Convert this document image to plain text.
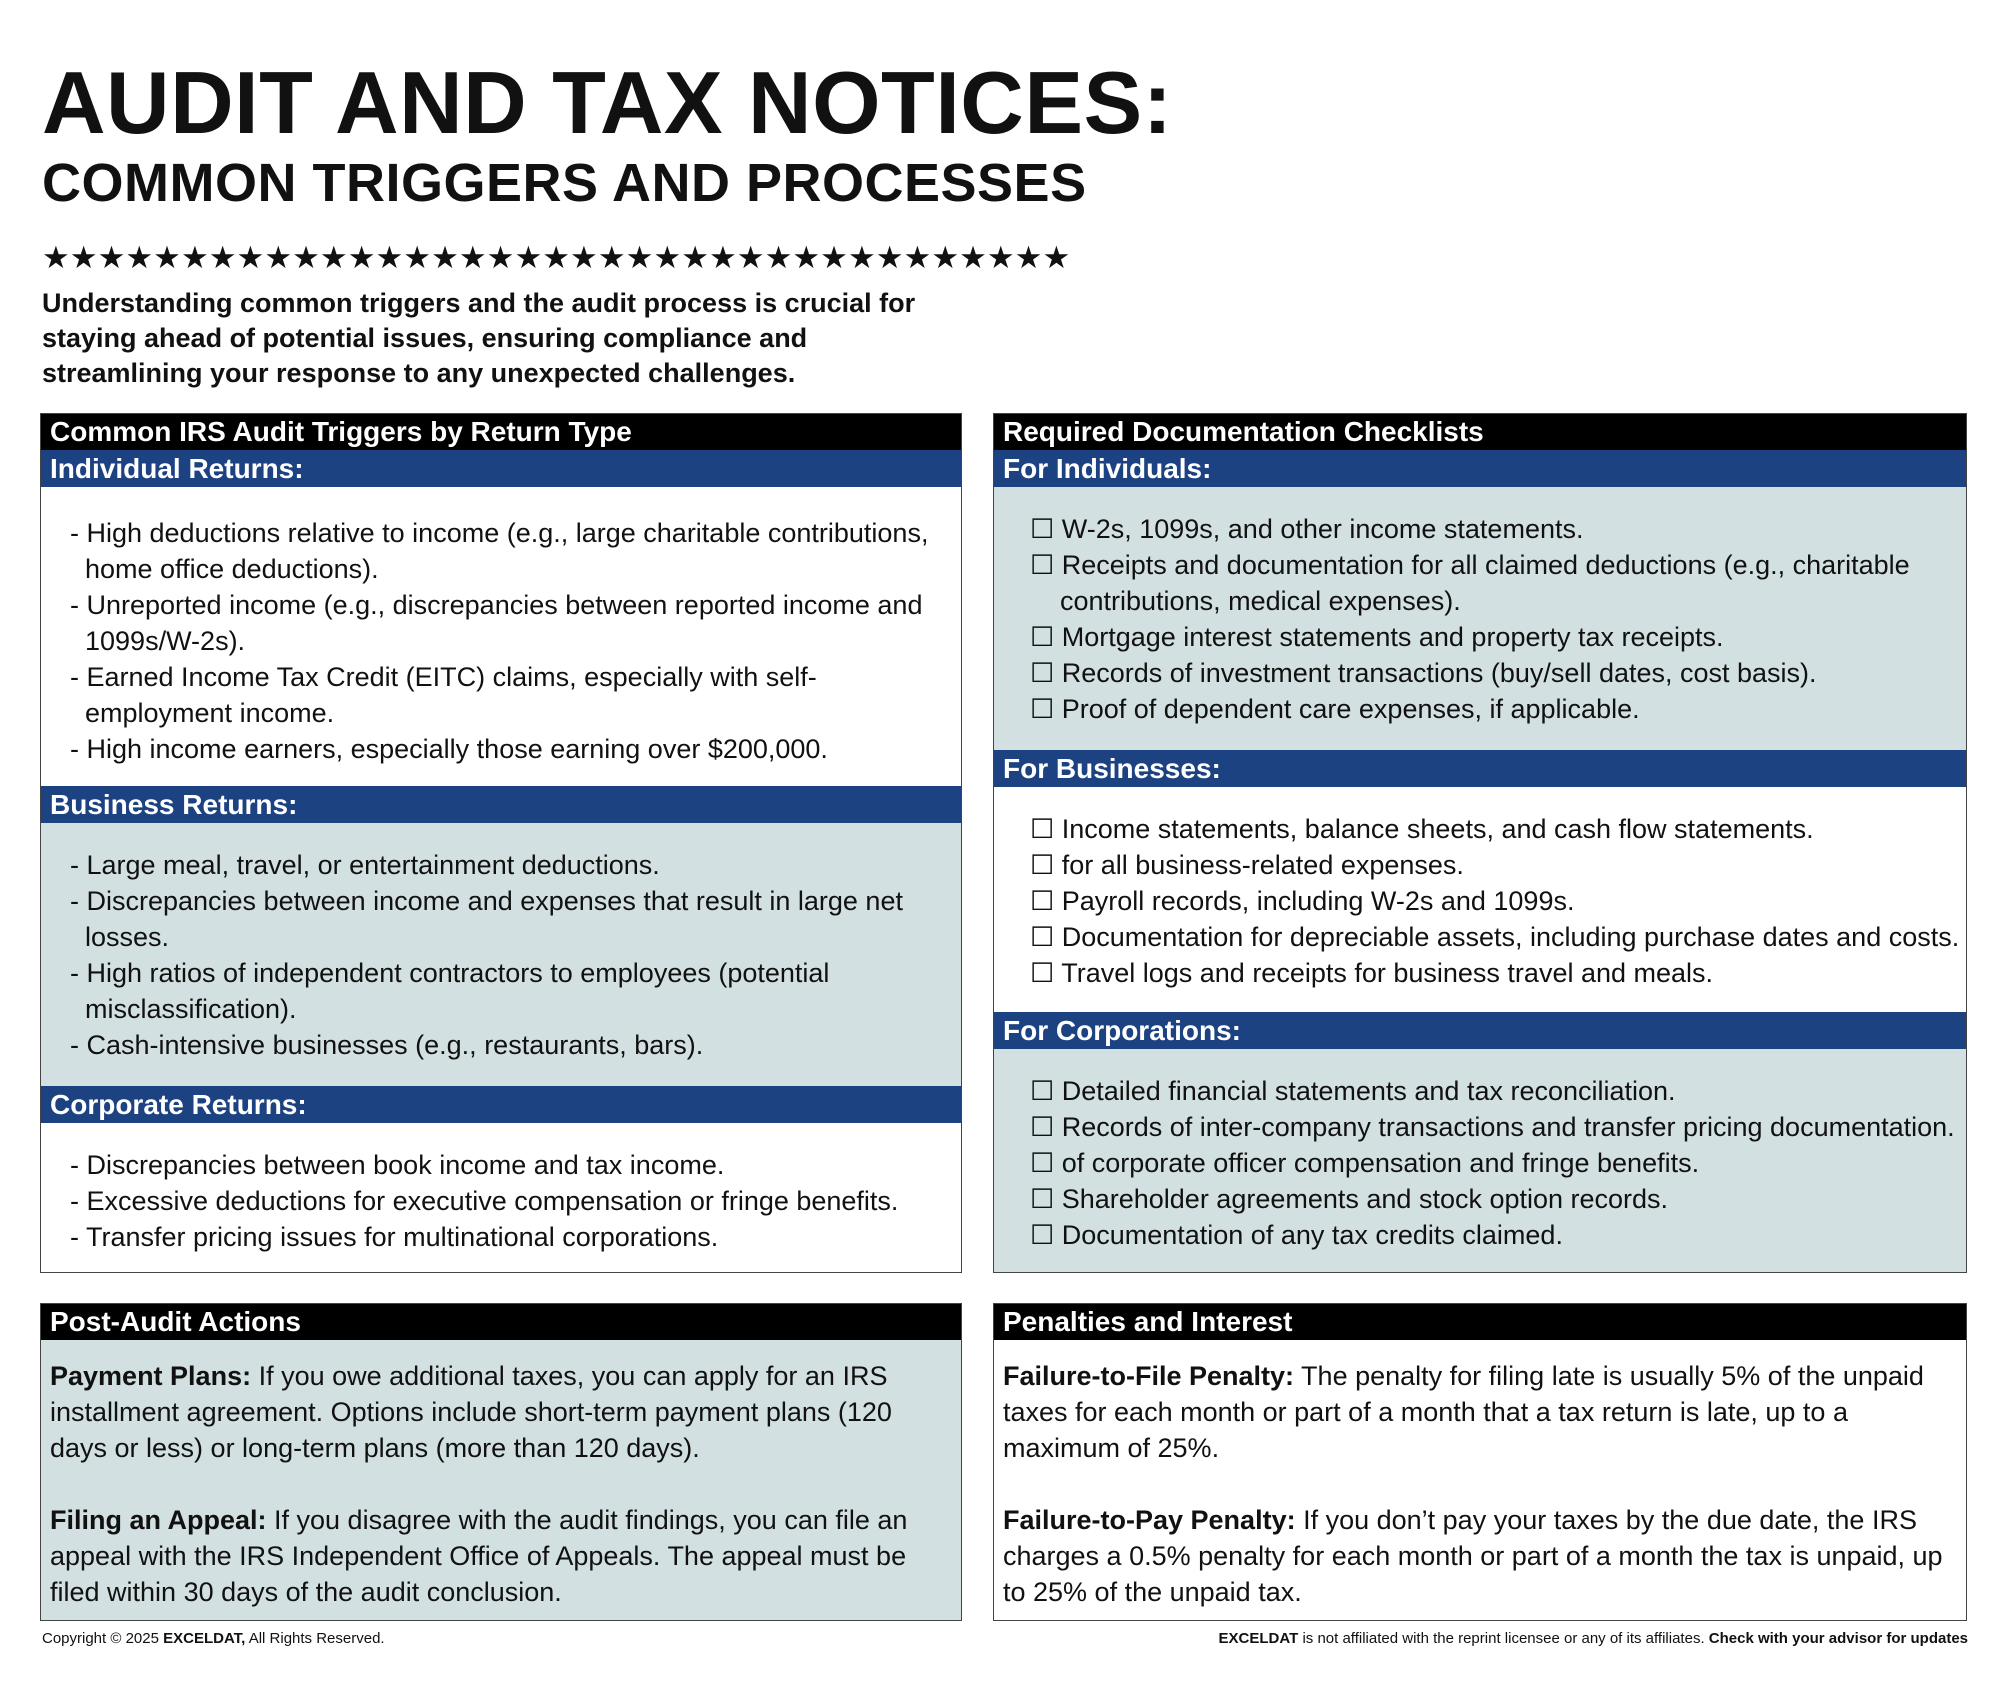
AUDIT AND TAX NOTICES:
COMMON TRIGGERS AND PROCESSES
★★★★★★★★★★★★★★★★★★★★★★★★★★★★★★★★★★★★★
Understanding common triggers and the audit process is crucial for staying ahead of potential issues, ensuring compliance and streamlining your response to any unexpected challenges.
Common IRS Audit Triggers by Return Type
Individual Returns:
- High deductions relative to income (e.g., large charitable contributions, home office deductions).
- Unreported income (e.g., discrepancies between reported income and 1099s/W-2s).
- Earned Income Tax Credit (EITC) claims, especially with self-employment income.
- High income earners, especially those earning over $200,000.
Business Returns:
- Large meal, travel, or entertainment deductions.
- Discrepancies between income and expenses that result in large net losses.
- High ratios of independent contractors to employees (potential misclassification).
- Cash-intensive businesses (e.g., restaurants, bars).
Corporate Returns:
- Discrepancies between book income and tax income.
- Excessive deductions for executive compensation or fringe benefits.
- Transfer pricing issues for multinational corporations.
Required Documentation Checklists
For Individuals:
☐ W-2s, 1099s, and other income statements.
☐ Receipts and documentation for all claimed deductions (e.g., charitable contributions, medical expenses).
☐ Mortgage interest statements and property tax receipts.
☐ Records of investment transactions (buy/sell dates, cost basis).
☐ Proof of dependent care expenses, if applicable.
For Businesses:
☐ Income statements, balance sheets, and cash flow statements.
☐ for all business-related expenses.
☐ Payroll records, including W-2s and 1099s.
☐ Documentation for depreciable assets, including purchase dates and costs.
☐ Travel logs and receipts for business travel and meals.
For Corporations:
☐ Detailed financial statements and tax reconciliation.
☐ Records of inter-company transactions and transfer pricing documentation.
☐ of corporate officer compensation and fringe benefits.
☐ Shareholder agreements and stock option records.
☐ Documentation of any tax credits claimed.
Post-Audit Actions
Payment Plans: If you owe additional taxes, you can apply for an IRS installment agreement. Options include short-term payment plans (120 days or less) or long-term plans (more than 120 days).
Filing an Appeal: If you disagree with the audit findings, you can file an appeal with the IRS Independent Office of Appeals. The appeal must be filed within 30 days of the audit conclusion.
Penalties and Interest
Failure-to-File Penalty: The penalty for filing late is usually 5% of the unpaid taxes for each month or part of a month that a tax return is late, up to a maximum of 25%.
Failure-to-Pay Penalty: If you don’t pay your taxes by the due date, the IRS charges a 0.5% penalty for each month or part of a month the tax is unpaid, up to 25% of the unpaid tax.
Copyright © 2025 EXCELDAT, All Rights Reserved.	EXCELDAT is not affiliated with the reprint licensee or any of its affiliates. Check with your advisor for updates
